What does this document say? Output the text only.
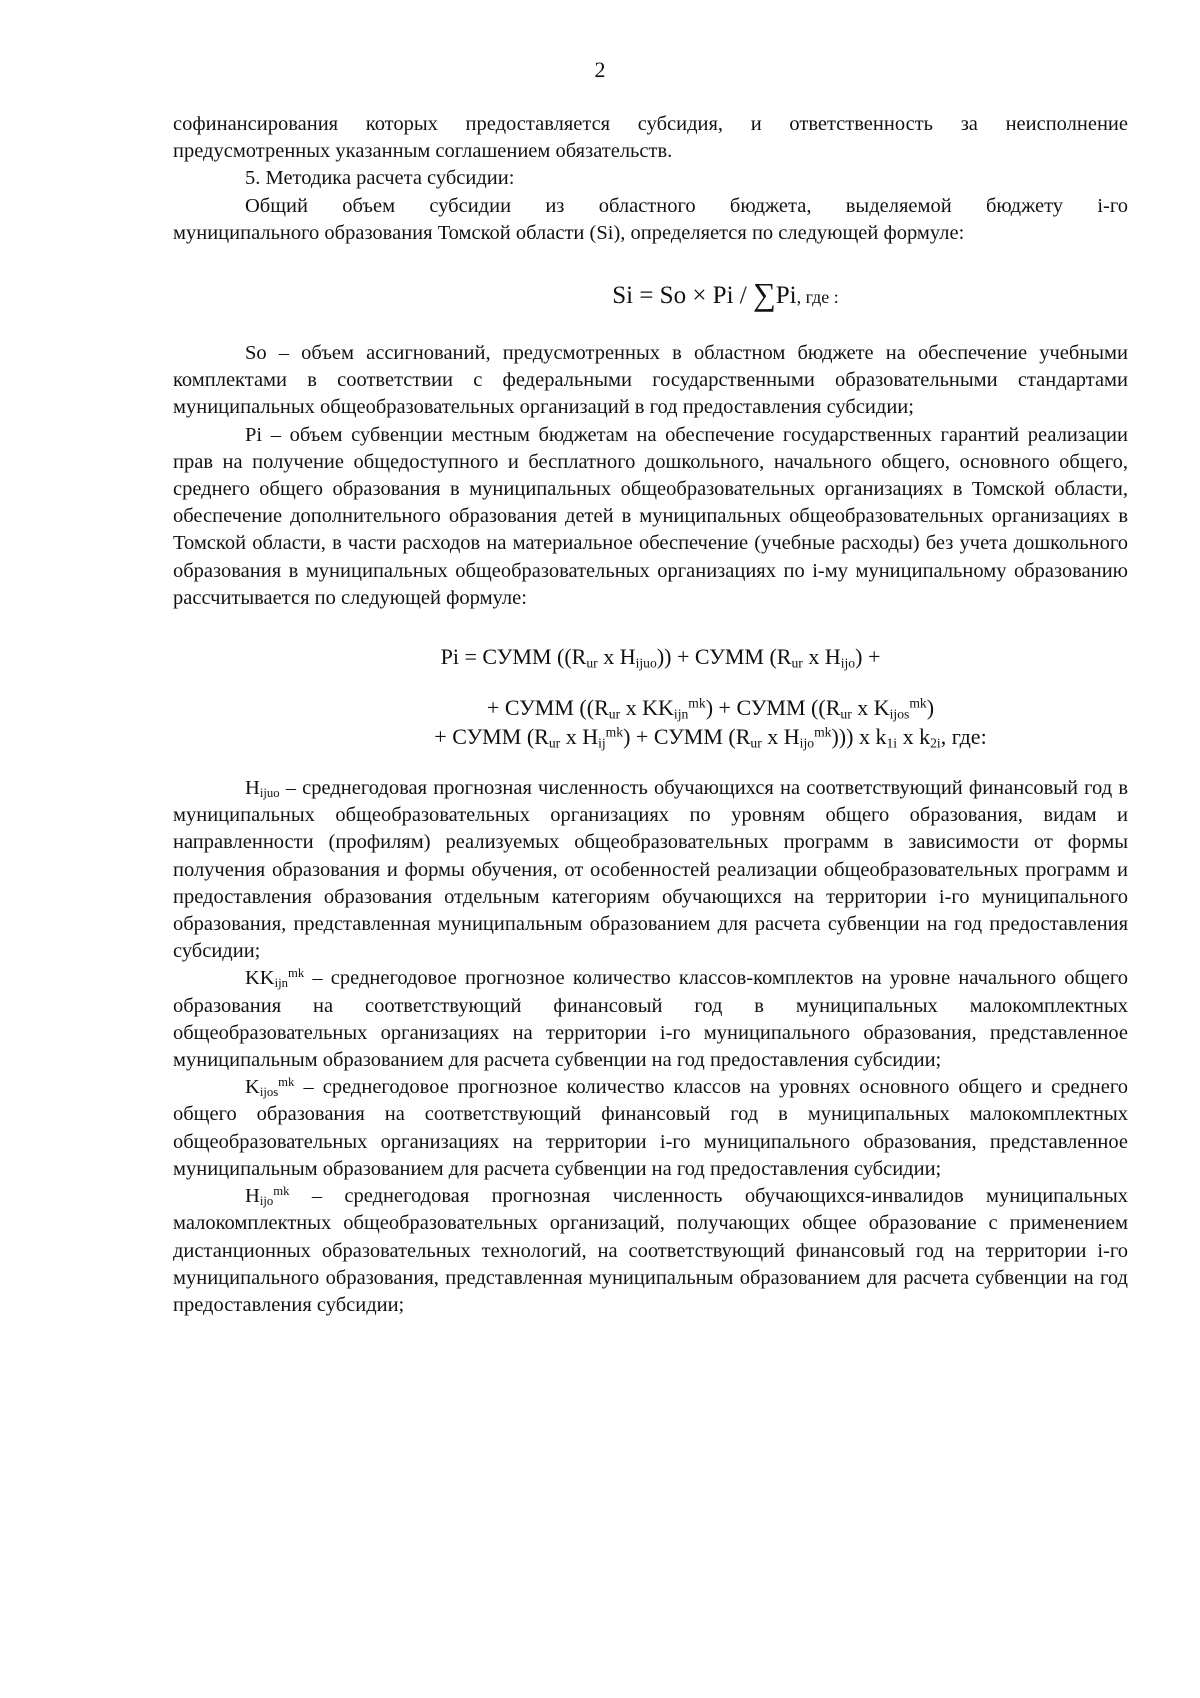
2

софинансирования которых предоставляется субсидия, и ответственность за неисполнение

предусмотренных указанным соглашением обязательств.

5. Методика расчета субсидии:

Общий объем субсидии из областного бюджета, выделяемой бюджету i-го

муниципального образования Томской области (Si), определяется по следующей формуле:

Si = So × Pi / ∑Pi, где :

So – объем ассигнований, предусмотренных в областном бюджете на обеспечение учебными комплектами в соответствии с федеральными государственными образовательными стандартами муниципальных общеобразовательных организаций в год предоставления субсидии;

Pi – объем субвенции местным бюджетам на обеспечение государственных гарантий реализации прав на получение общедоступного и бесплатного дошкольного, начального общего, основного общего, среднего общего образования в муниципальных общеобразовательных организациях в Томской области, обеспечение дополнительного образования детей в муниципальных общеобразовательных организациях в Томской области, в части расходов на материальное обеспечение (учебные расходы) без учета дошкольного образования в муниципальных общеобразовательных организациях по i-му муниципальному образованию рассчитывается по следующей формуле:

Pi = СУММ (($R_{ur}$ x $H_{ijuo}$)) + СУММ ($R_{ur}$ x $H_{ijo}$) +

+ СУММ (($R_{ur}$ x $KK_{ijn}^{mk}$) + СУММ (($R_{ur}$ x $K_{ijos}^{mk}$)

+ СУММ ($R_{ur}$ x $H_{ij}^{mk}$) + СУММ ($R_{ur}$ x $H_{ijo}^{mk}$))) x $k_{1i}$ x $k_{2i}$, где:

$H_{ijuo}$ – среднегодовая прогнозная численность обучающихся на соответствующий финансовый год в муниципальных общеобразовательных организациях по уровням общего образования, видам и направленности (профилям) реализуемых общеобразовательных программ в зависимости от формы получения образования и формы обучения, от особенностей реализации общеобразовательных программ и предоставления образования отдельным категориям обучающихся на территории i-го муниципального образования, представленная муниципальным образованием для расчета субвенции на год предоставления субсидии;

$KK_{ijn}^{mk}$ – среднегодовое прогнозное количество классов-комплектов на уровне начального общего образования на соответствующий финансовый год в муниципальных малокомплектных общеобразовательных организациях на территории i-го муниципального образования, представленное муниципальным образованием для расчета субвенции на год предоставления субсидии;

$K_{ijos}^{mk}$ – среднегодовое прогнозное количество классов на уровнях основного общего и среднего общего образования на соответствующий финансовый год в муниципальных малокомплектных общеобразовательных организациях на территории i-го муниципального образования, представленное муниципальным образованием для расчета субвенции на год предоставления субсидии;

$H_{ijo}^{mk}$ – среднегодовая прогнозная численность обучающихся-инвалидов муниципальных малокомплектных общеобразовательных организаций, получающих общее образование с применением дистанционных образовательных технологий, на соответствующий финансовый год на территории i-го муниципального образования, представленная муниципальным образованием для расчета субвенции на год предоставления субсидии;
